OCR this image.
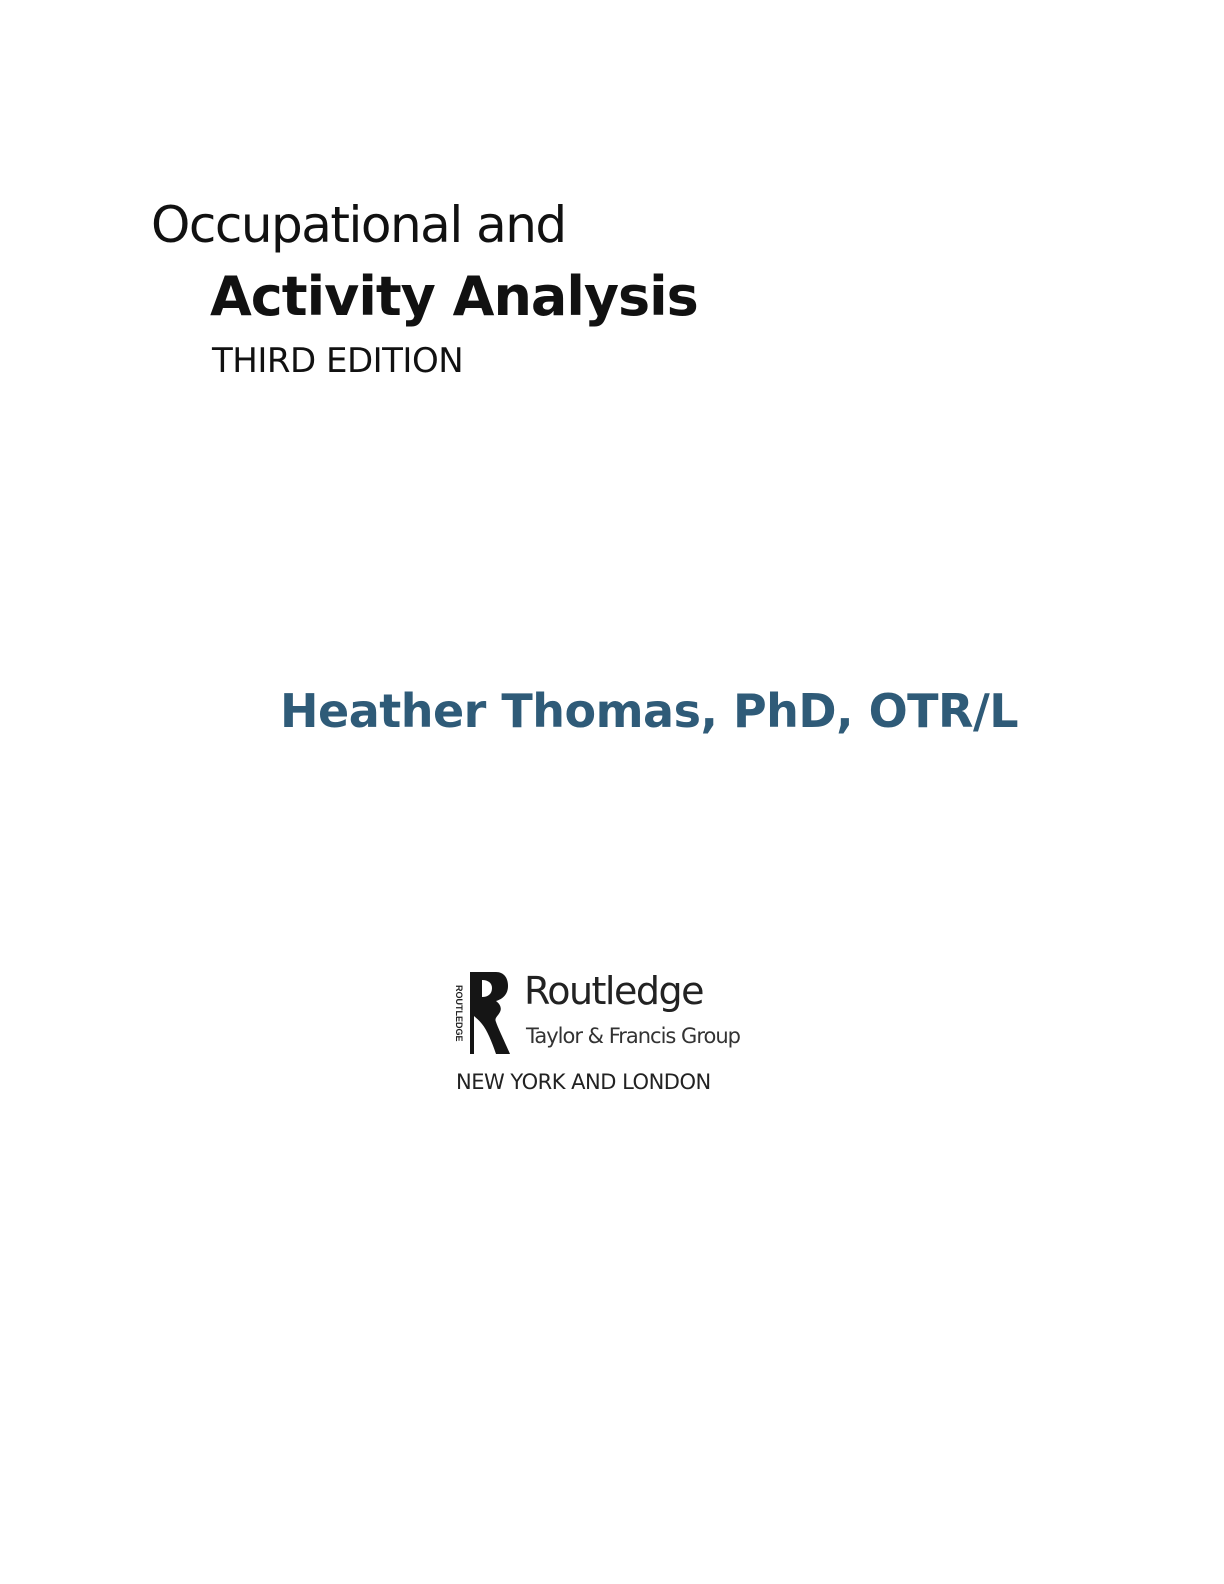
Occupational and
Activity Analysis
THIRD EDITION
Heather Thomas, PhD, OTR/L
ROUTLEDGE Routledge
Taylor & Francis Group
NEW YORK AND LONDON
